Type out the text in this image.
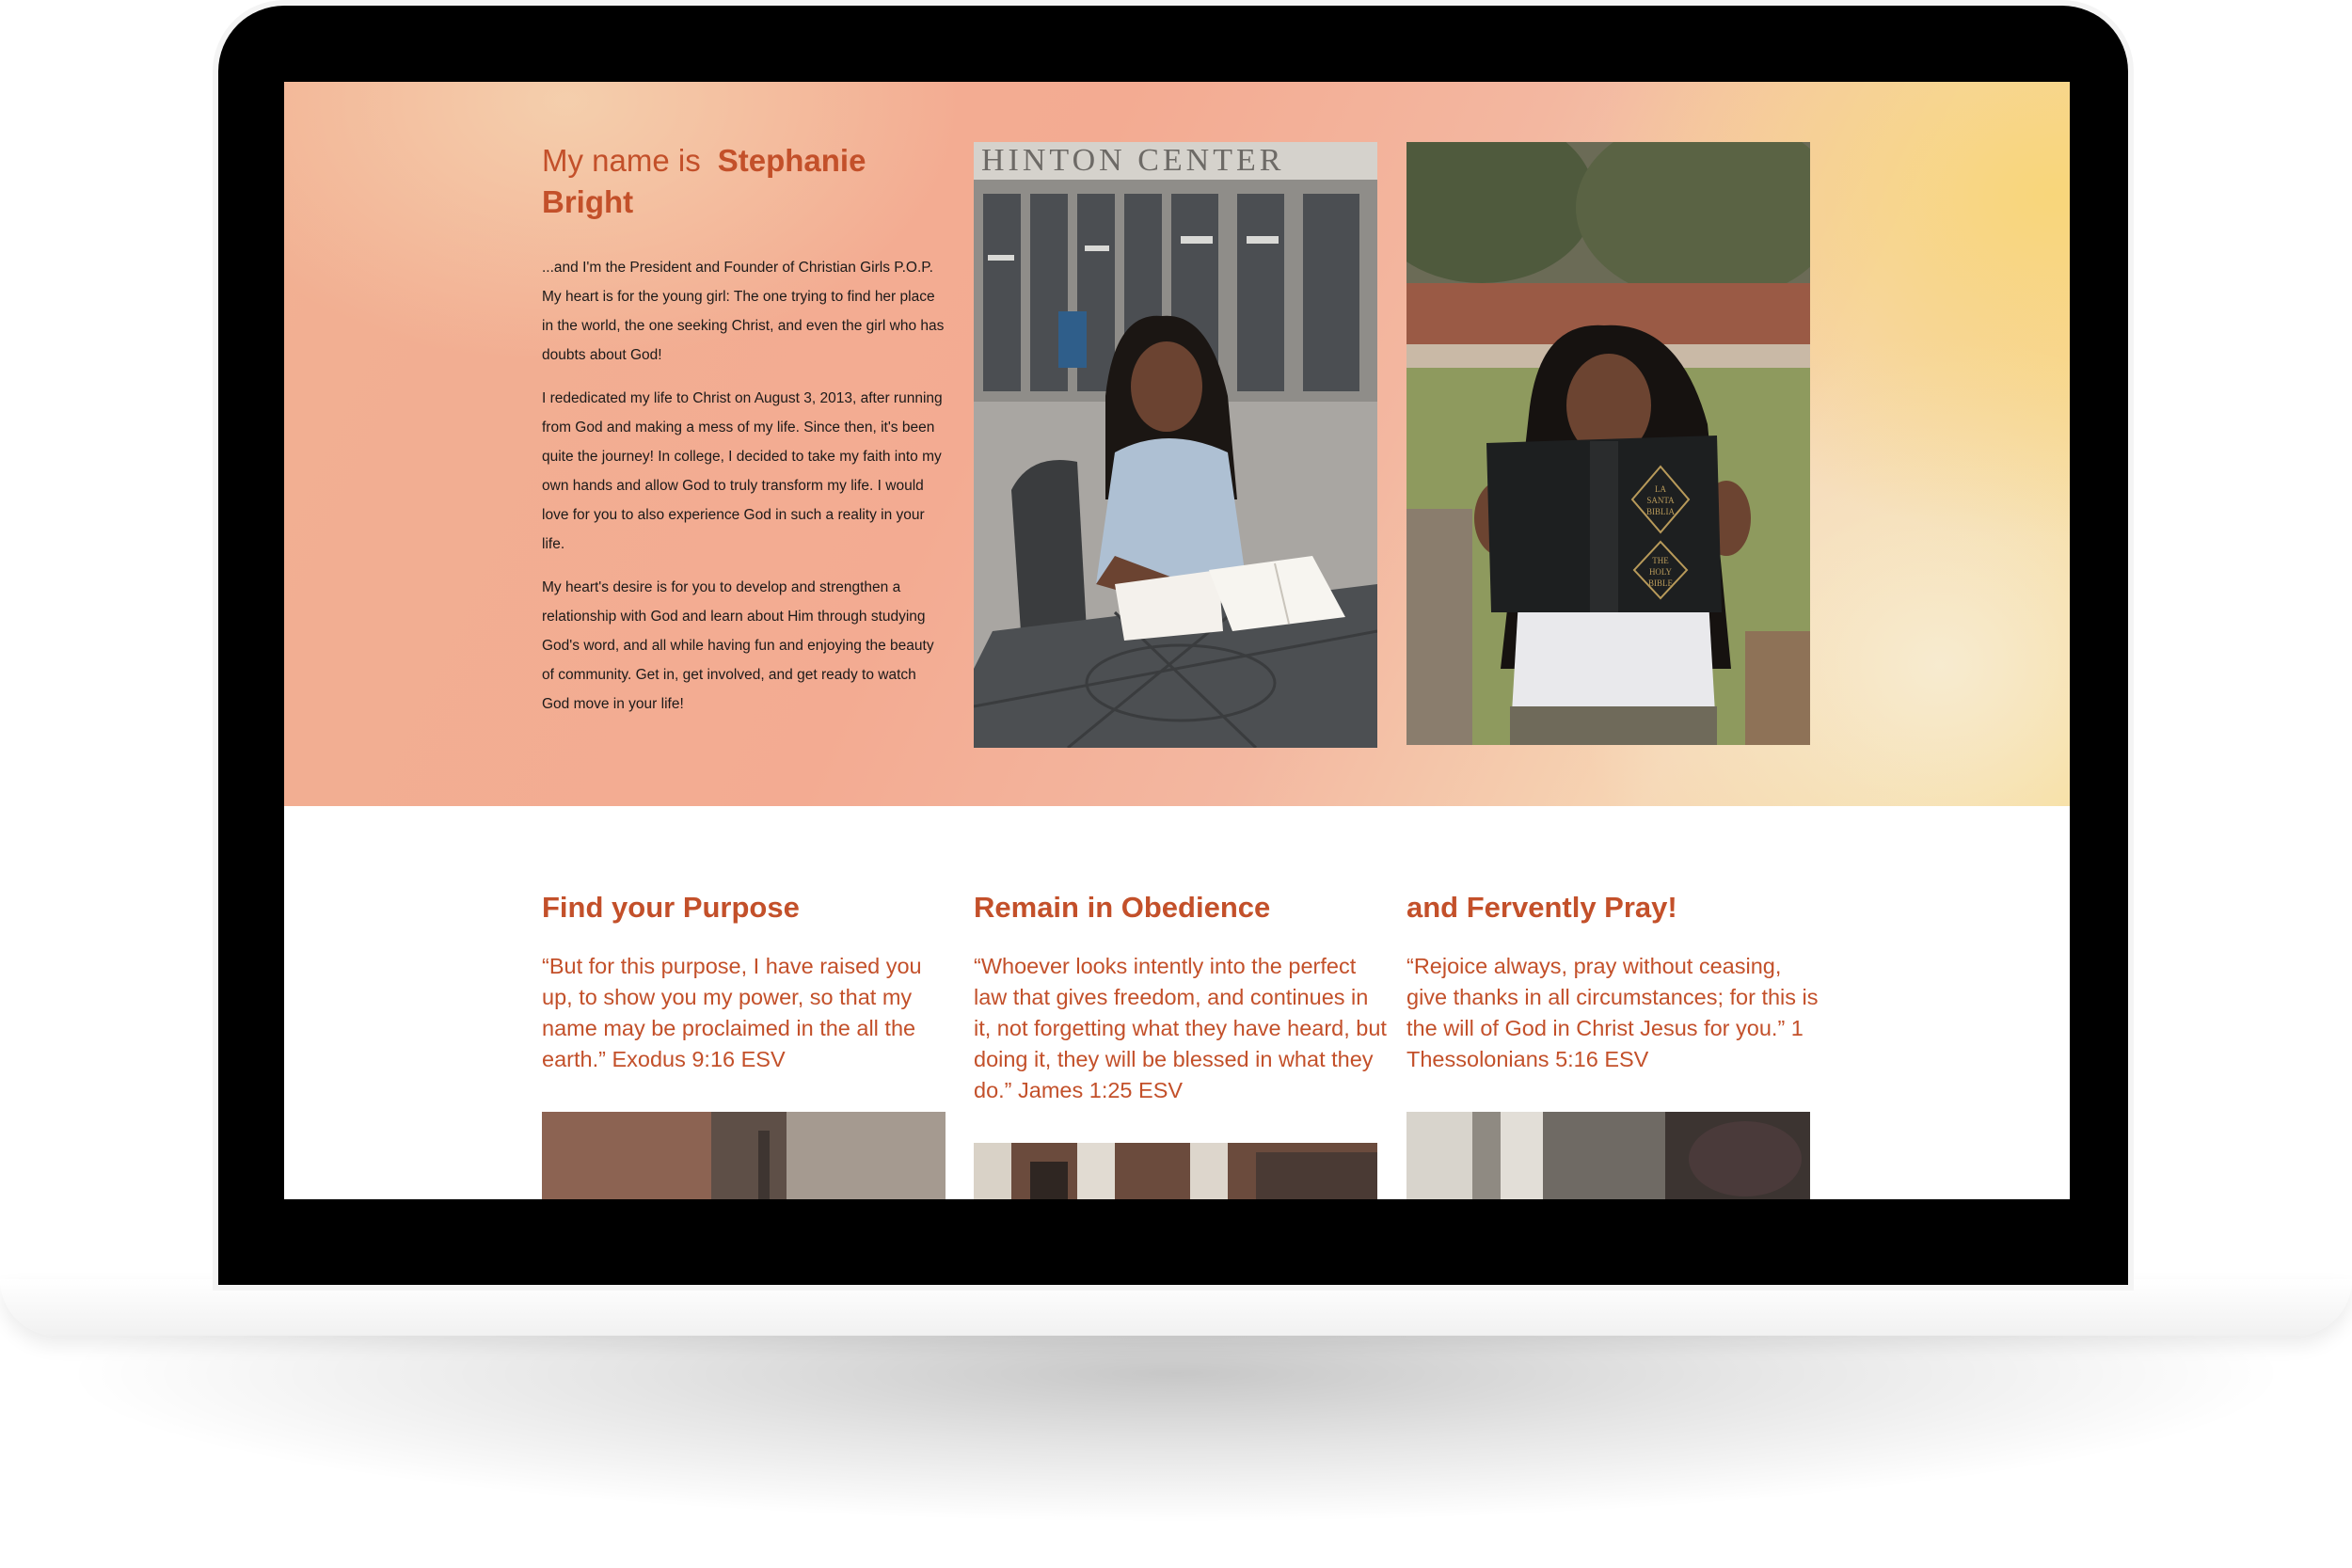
My name is Stephanie Bright

...and I'm the President and Founder of Christian Girls P.O.P. My heart is for the young girl: The one trying to find her place in the world, the one seeking Christ, and even the girl who has doubts about God!

I rededicated my life to Christ on August 3, 2013, after running from God and making a mess of my life. Since then, it's been quite the journey! In college, I decided to take my faith into my own hands and allow God to truly transform my life. I would love for you to also experience God in such a reality in your life.

My heart's desire is for you to develop and strengthen a relationship with God and learn about Him through studying God's word, and all while having fun and enjoying the beauty of community. Get in, get involved, and get ready to watch God move in your life!

HINTON CENTER
LA
SANTA
BIBLIA
THE
HOLY
BIBLE
Find your Purpose
“But for this purpose, I have raised you up, to show you my power, so that my name may be proclaimed in the all the earth.” Exodus 9:16 ESV
Remain in Obedience
“Whoever looks intently into the perfect law that gives freedom, and continues in it, not forgetting what they have heard, but doing it, they will be blessed in what they do.” James 1:25 ESV
and Fervently Pray!
“Rejoice always, pray without ceasing, give thanks in all circumstances; for this is the will of God in Christ Jesus for you.” 1 Thessolonians 5:16 ESV
